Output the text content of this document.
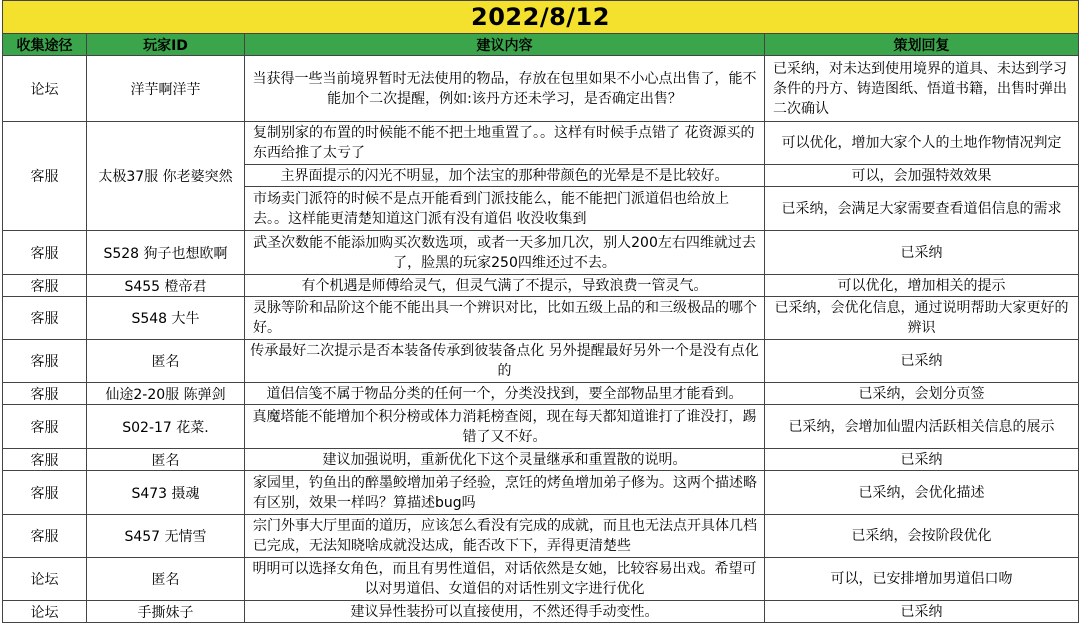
2022/8/12			
收集途径	玩家ID	建议内容	策划回复
论坛	洋芋啊洋芋	当获得一些当前境界暂时无法使用的物品，存放在包里如果不小心点出售了，能不能加个二次提醒，例如:该丹方还未学习，是否确定出售？	已采纳，对未达到使用境界的道具、未达到学习条件的丹方、铸造图纸、悟道书籍，出售时弹出二次确认
客服	太极37服 你老婆突然	复制别家的布置的时候能不能不把土地重置了。。这样有时候手点错了 花资源买的东西给推了太亏了	可以优化，增加大家个人的土地作物情况判定
		主界面提示的闪光不明显，加个法宝的那种带颜色的光晕是不是比较好。	可以，会加强特效效果
		市场卖门派符的时候不是点开能看到门派技能么，能不能把门派道侣也给放上去。。这样能更清楚知道这门派有没有道侣 收没收集到	已采纳，会满足大家需要查看道侣信息的需求
客服	S528 狗子也想欧啊	武圣次数能不能添加购买次数选项，或者一天多加几次，别人200左右四维就过去了，脸黑的玩家250四维还过不去。	已采纳
客服	S455 橙帝君	有个机遇是师傅给灵气，但灵气满了不提示，导致浪费一管灵气。	可以优化，增加相关的提示
客服	S548 大牛	灵脉等阶和品阶这个能不能出具一个辨识对比，比如五级上品的和三级极品的哪个好。	已采纳，会优化信息，通过说明帮助大家更好的辨识
客服	匿名	传承最好二次提示是否本装备传承到彼装备点化 另外提醒最好另外一个是没有点化的	已采纳
客服	仙途2-20服 陈弹剑	道侣信笺不属于物品分类的任何一个，分类没找到，要全部物品里才能看到。	已采纳，会划分页签
客服	S02-17 花菜.	真魔塔能不能增加个积分榜或体力消耗榜查阅，现在每天都知道谁打了谁没打，踢错了又不好。	已采纳，会增加仙盟内活跃相关信息的展示
客服	匿名	建议加强说明，重新优化下这个灵量继承和重置散的说明。	已采纳
客服	S473 摄魂	家园里，钓鱼出的醉墨鲛增加弟子经验，烹饪的烤鱼增加弟子修为。这两个描述略有区别，效果一样吗？算描述bug吗	已采纳，会优化描述
客服	S457 无情雪	宗门外事大厅里面的道历，应该怎么看没有完成的成就，而且也无法点开具体几档已完成，无法知晓啥成就没达成，能否改下下，弄得更清楚些	已采纳，会按阶段优化
论坛	匿名	明明可以选择女角色，而且有男性道侣，对话依然是女她，比较容易出戏。希望可以对男道侣、女道侣的对话性别文字进行优化	可以，已安排增加男道侣口吻
论坛	手撕妹子	建议异性装扮可以直接使用，不然还得手动变性。	已采纳
